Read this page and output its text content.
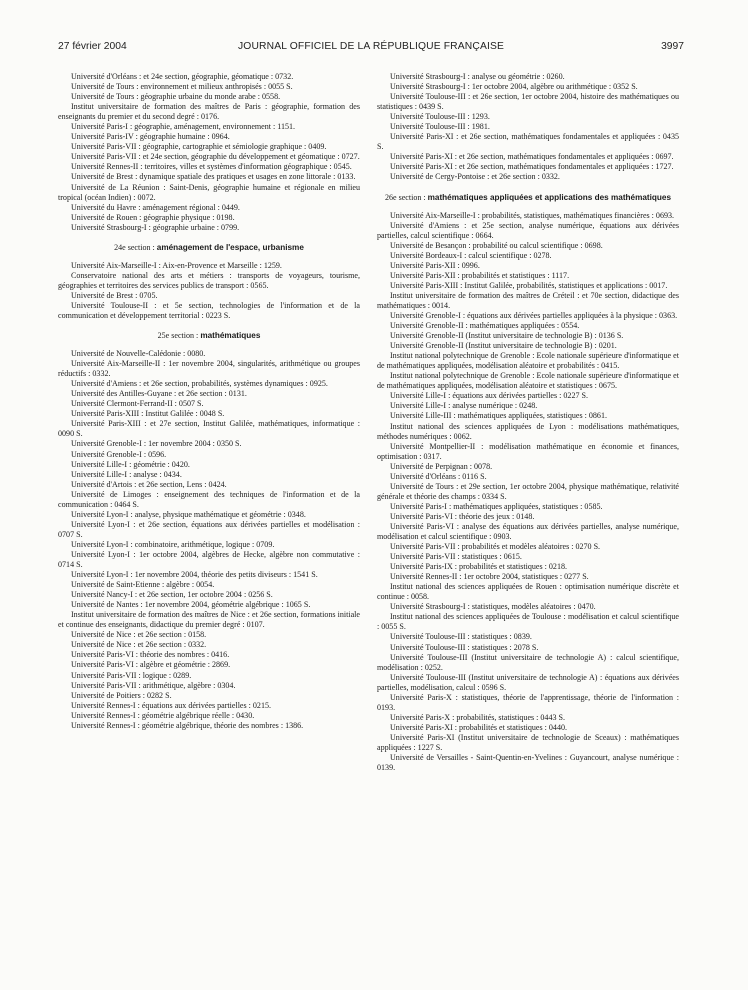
27 février 2004	JOURNAL OFFICIEL DE LA RÉPUBLIQUE FRANÇAISE	3997

Université d'Orléans : et 24e section, géographie, géomatique : 0732.

Université de Tours : environnement et milieux anthropisés : 0055 S.

Université de Tours : géographie urbaine du monde arabe : 0558.

Institut universitaire de formation des maîtres de Paris : géographie, formation des enseignants du premier et du second degré : 0176.

Université Paris-I : géographie, aménagement, environnement : 1151.

Université Paris-IV : géographie humaine : 0964.

Université Paris-VII : géographie, cartographie et sémiologie graphique : 0409.

Université Paris-VII : et 24e section, géographie du développement et géomatique : 0727.

Université Rennes-II : territoires, villes et systèmes d'information géographique : 0545.

Université de Brest : dynamique spatiale des pratiques et usages en zone littorale : 0133.

Université de La Réunion : Saint-Denis, géographie humaine et régionale en milieu tropical (océan Indien) : 0072.

Université du Havre : aménagement régional : 0449.

Université de Rouen : géographie physique : 0198.

Université Strasbourg-I : géographie urbaine : 0799.

24e section : aménagement de l'espace, urbanisme

Université Aix-Marseille-I : Aix-en-Provence et Marseille : 1259.

Conservatoire national des arts et métiers : transports de voyageurs, tourisme, géographies et territoires des services publics de transport : 0565.

Université de Brest : 0705.

Université Toulouse-II : et 5e section, technologies de l'information et de la communication et développement territorial : 0223 S.

25e section : mathématiques

Université de Nouvelle-Calédonie : 0080.

Université Aix-Marseille-II : 1er novembre 2004, singularités, arithmétique ou groupes réductifs : 0332.

Université d'Amiens : et 26e section, probabilités, systèmes dynamiques : 0925.

Université des Antilles-Guyane : et 26e section : 0131.

Université Clermont-Ferrand-II : 0507 S.

Université Paris-XIII : Institut Galilée : 0048 S.

Université Paris-XIII : et 27e section, Institut Galilée, mathématiques, informatique : 0090 S.

Université Grenoble-I : 1er novembre 2004 : 0350 S.

Université Grenoble-I : 0596.

Université Lille-I : géométrie : 0420.

Université Lille-I : analyse : 0434.

Université d'Artois : et 26e section, Lens : 0424.

Université de Limoges : enseignement des techniques de l'information et de la communication : 0464 S.

Université Lyon-I : analyse, physique mathématique et géométrie : 0348.

Université Lyon-I : et 26e section, équations aux dérivées partielles et modélisation : 0707 S.

Université Lyon-I : combinatoire, arithmétique, logique : 0709.

Université Lyon-I : 1er octobre 2004, algèbres de Hecke, algèbre non commutative : 0714 S.

Université Lyon-I : 1er novembre 2004, théorie des petits diviseurs : 1541 S.

Université de Saint-Etienne : algèbre : 0054.

Université Nancy-I : et 26e section, 1er octobre 2004 : 0256 S.

Université de Nantes : 1er novembre 2004, géométrie algébrique : 1065 S.

Institut universitaire de formation des maîtres de Nice : et 26e section, formations initiale et continue des enseignants, didactique du premier degré : 0107.

Université de Nice : et 26e section : 0158.

Université de Nice : et 26e section : 0332.

Université Paris-VI : théorie des nombres : 0416.

Université Paris-VI : algèbre et géométrie : 2869.

Université Paris-VII : logique : 0289.

Université Paris-VII : arithmétique, algèbre : 0304.

Université de Poitiers : 0282 S.

Université Rennes-I : équations aux dérivées partielles : 0215.

Université Rennes-I : géométrie algébrique réelle : 0430.

Université Rennes-I : géométrie algébrique, théorie des nombres : 1386.

Université Strasbourg-I : analyse ou géométrie : 0260.

Université Strasbourg-I : 1er octobre 2004, algèbre ou arithmétique : 0352 S.

Université Toulouse-III : et 26e section, 1er octobre 2004, histoire des mathématiques ou statistiques : 0439 S.

Université Toulouse-III : 1293.

Université Toulouse-III : 1981.

Université Paris-XI : et 26e section, mathématiques fondamentales et appliquées : 0435 S.

Université Paris-XI : et 26e section, mathématiques fondamentales et appliquées : 0697.

Université Paris-XI : et 26e section, mathématiques fondamentales et appliquées : 1727.

Université de Cergy-Pontoise : et 26e section : 0332.

26e section : mathématiques appliquées et applications des mathématiques

Université Aix-Marseille-I : probabilités, statistiques, mathématiques financières : 0693.

Université d'Amiens : et 25e section, analyse numérique, équations aux dérivées partielles, calcul scientifique : 0664.

Université de Besançon : probabilité ou calcul scientifique : 0698.

Université Bordeaux-I : calcul scientifique : 0278.

Université Paris-XII : 0996.

Université Paris-XII : probabilités et statistiques : 1117.

Université Paris-XIII : Institut Galilée, probabilités, statistiques et applications : 0017.

Institut universitaire de formation des maîtres de Créteil : et 70e section, didactique des mathématiques : 0014.

Université Grenoble-I : équations aux dérivées partielles appliquées à la physique : 0363.

Université Grenoble-II : mathématiques appliquées : 0554.

Université Grenoble-II (Institut universitaire de technologie B) : 0136 S.

Université Grenoble-II (Institut universitaire de technologie B) : 0201.

Institut national polytechnique de Grenoble : Ecole nationale supérieure d'informatique et de mathématiques appliquées, modélisation aléatoire et probabilités : 0415.

Institut national polytechnique de Grenoble : Ecole nationale supérieure d'informatique et de mathématiques appliquées, modélisation aléatoire et statistiques : 0675.

Université Lille-I : équations aux dérivées partielles : 0227 S.

Université Lille-I : analyse numérique : 0248.

Université Lille-III : mathématiques appliquées, statistiques : 0861.

Institut national des sciences appliquées de Lyon : modélisations mathématiques, méthodes numériques : 0062.

Université Montpellier-II : modélisation mathématique en économie et finances, optimisation : 0317.

Université de Perpignan : 0078.

Université d'Orléans : 0116 S.

Université de Tours : et 29e section, 1er octobre 2004, physique mathématique, relativité générale et théorie des champs : 0334 S.

Université Paris-I : mathématiques appliquées, statistiques : 0585.

Université Paris-VI : théorie des jeux : 0148.

Université Paris-VI : analyse des équations aux dérivées partielles, analyse numérique, modélisation et calcul scientifique : 0903.

Université Paris-VII : probabilités et modèles aléatoires : 0270 S.

Université Paris-VII : statistiques : 0615.

Université Paris-IX : probabilités et statistiques : 0218.

Université Rennes-II : 1er octobre 2004, statistiques : 0277 S.

Institut national des sciences appliquées de Rouen : optimisation numérique discrète et continue : 0058.

Université Strasbourg-I : statistiques, modèles aléatoires : 0470.

Institut national des sciences appliquées de Toulouse : modélisation et calcul scientifique : 0055 S.

Université Toulouse-III : statistiques : 0839.

Université Toulouse-III : statistiques : 2078 S.

Université Toulouse-III (Institut universitaire de technologie A) : calcul scientifique, modélisation : 0252.

Université Toulouse-III (Institut universitaire de technologie A) : équations aux dérivées partielles, modélisation, calcul : 0596 S.

Université Paris-X : statistiques, théorie de l'apprentissage, théorie de l'information : 0193.

Université Paris-X : probabilités, statistiques : 0443 S.

Université Paris-XI : probabilités et statistiques : 0440.

Université Paris-XI (Institut universitaire de technologie de Sceaux) : mathématiques appliquées : 1227 S.

Université de Versailles - Saint-Quentin-en-Yvelines : Guyancourt, analyse numérique : 0139.
